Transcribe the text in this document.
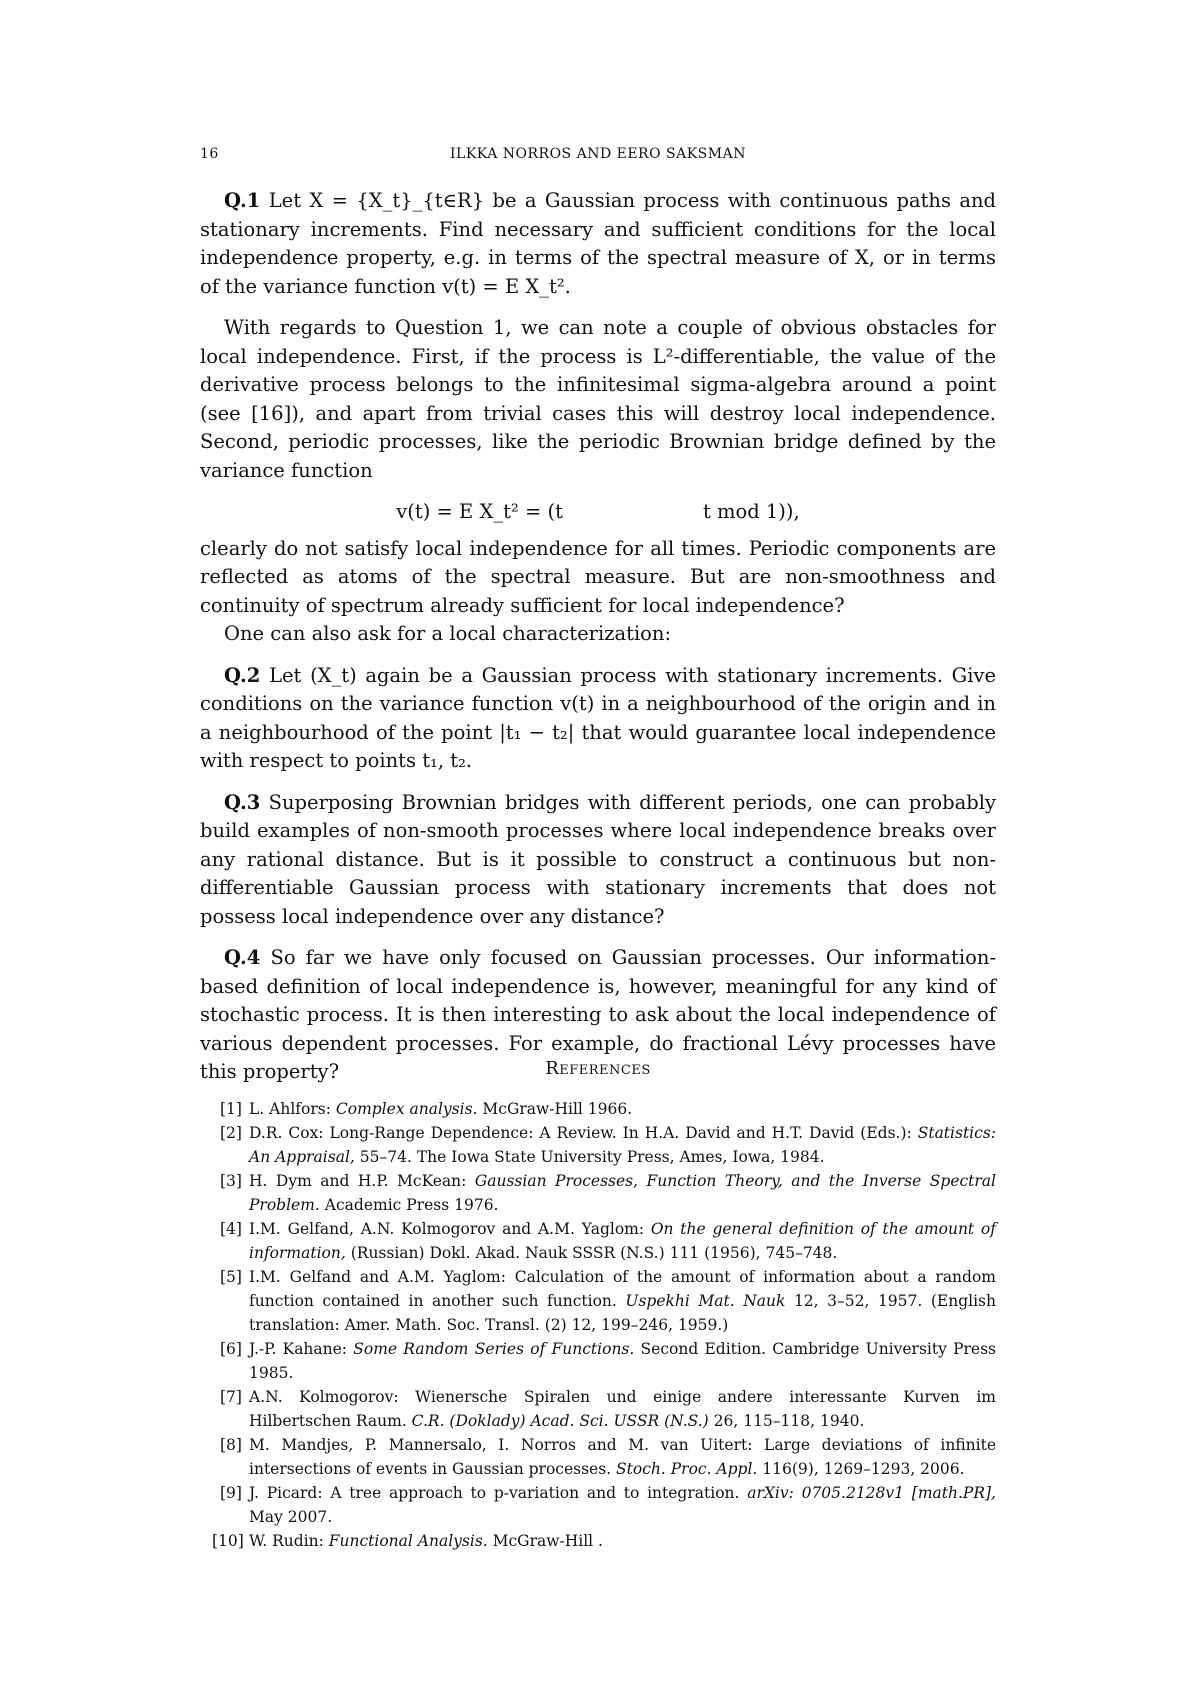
16	ILKKA NORROS AND EERO SAKSMAN

Q.1 Let X = {X_t}_{t∈R} be a Gaussian process with continuous paths and stationary increments. Find necessary and sufficient conditions for the local independence property, e.g. in terms of the spectral measure of X, or in terms of the variance function v(t) = E X_t².

With regards to Question 1, we can note a couple of obvious obstacles for local independence. First, if the process is L²-differentiable, the value of the derivative process belongs to the infinitesimal sigma-algebra around a point (see [16]), and apart from trivial cases this will destroy local independence. Second, periodic processes, like the periodic Brownian bridge defined by the variance function

v(t) = E X_t² = (t	t mod 1)),

clearly do not satisfy local independence for all times. Periodic components are reflected as atoms of the spectral measure. But are non-smoothness and continuity of spectrum already sufficient for local independence?

One can also ask for a local characterization:

Q.2 Let (X_t) again be a Gaussian process with stationary increments. Give conditions on the variance function v(t) in a neighbourhood of the origin and in a neighbourhood of the point |t₁ − t₂| that would guarantee local independence with respect to points t₁, t₂.

Q.3 Superposing Brownian bridges with different periods, one can probably build examples of non-smooth processes where local independence breaks over any rational distance. But is it possible to construct a continuous but non-differentiable Gaussian process with stationary increments that does not possess local independence over any distance?

Q.4 So far we have only focused on Gaussian processes. Our information-based definition of local independence is, however, meaningful for any kind of stochastic process. It is then interesting to ask about the local independence of various dependent processes. For example, do fractional Lévy processes have this property?	References
[1] L. Ahlfors: Complex analysis. McGraw-Hill 1966.
[2] D.R. Cox: Long-Range Dependence: A Review. In H.A. David and H.T. David (Eds.): Statistics: An Appraisal, 55–74. The Iowa State University Press, Ames, Iowa, 1984.
[3] H. Dym and H.P. McKean: Gaussian Processes, Function Theory, and the Inverse Spectral Problem. Academic Press 1976.
[4] I.M. Gelfand, A.N. Kolmogorov and A.M. Yaglom: On the general definition of the amount of information, (Russian) Dokl. Akad. Nauk SSSR (N.S.) 111 (1956), 745–748.
[5] I.M. Gelfand and A.M. Yaglom: Calculation of the amount of information about a random function contained in another such function. Uspekhi Mat. Nauk 12, 3–52, 1957. (English translation: Amer. Math. Soc. Transl. (2) 12, 199–246, 1959.)
[6] J.-P. Kahane: Some Random Series of Functions. Second Edition. Cambridge University Press 1985.
[7] A.N. Kolmogorov: Wienersche Spiralen und einige andere interessante Kurven im Hilbertschen Raum. C.R. (Doklady) Acad. Sci. USSR (N.S.) 26, 115–118, 1940.
[8] M. Mandjes, P. Mannersalo, I. Norros and M. van Uitert: Large deviations of infinite intersections of events in Gaussian processes. Stoch. Proc. Appl. 116(9), 1269–1293, 2006.
[9] J. Picard: A tree approach to p-variation and to integration. arXiv: 0705.2128v1 [math.PR], May 2007.
[10] W. Rudin: Functional Analysis. McGraw-Hill .
